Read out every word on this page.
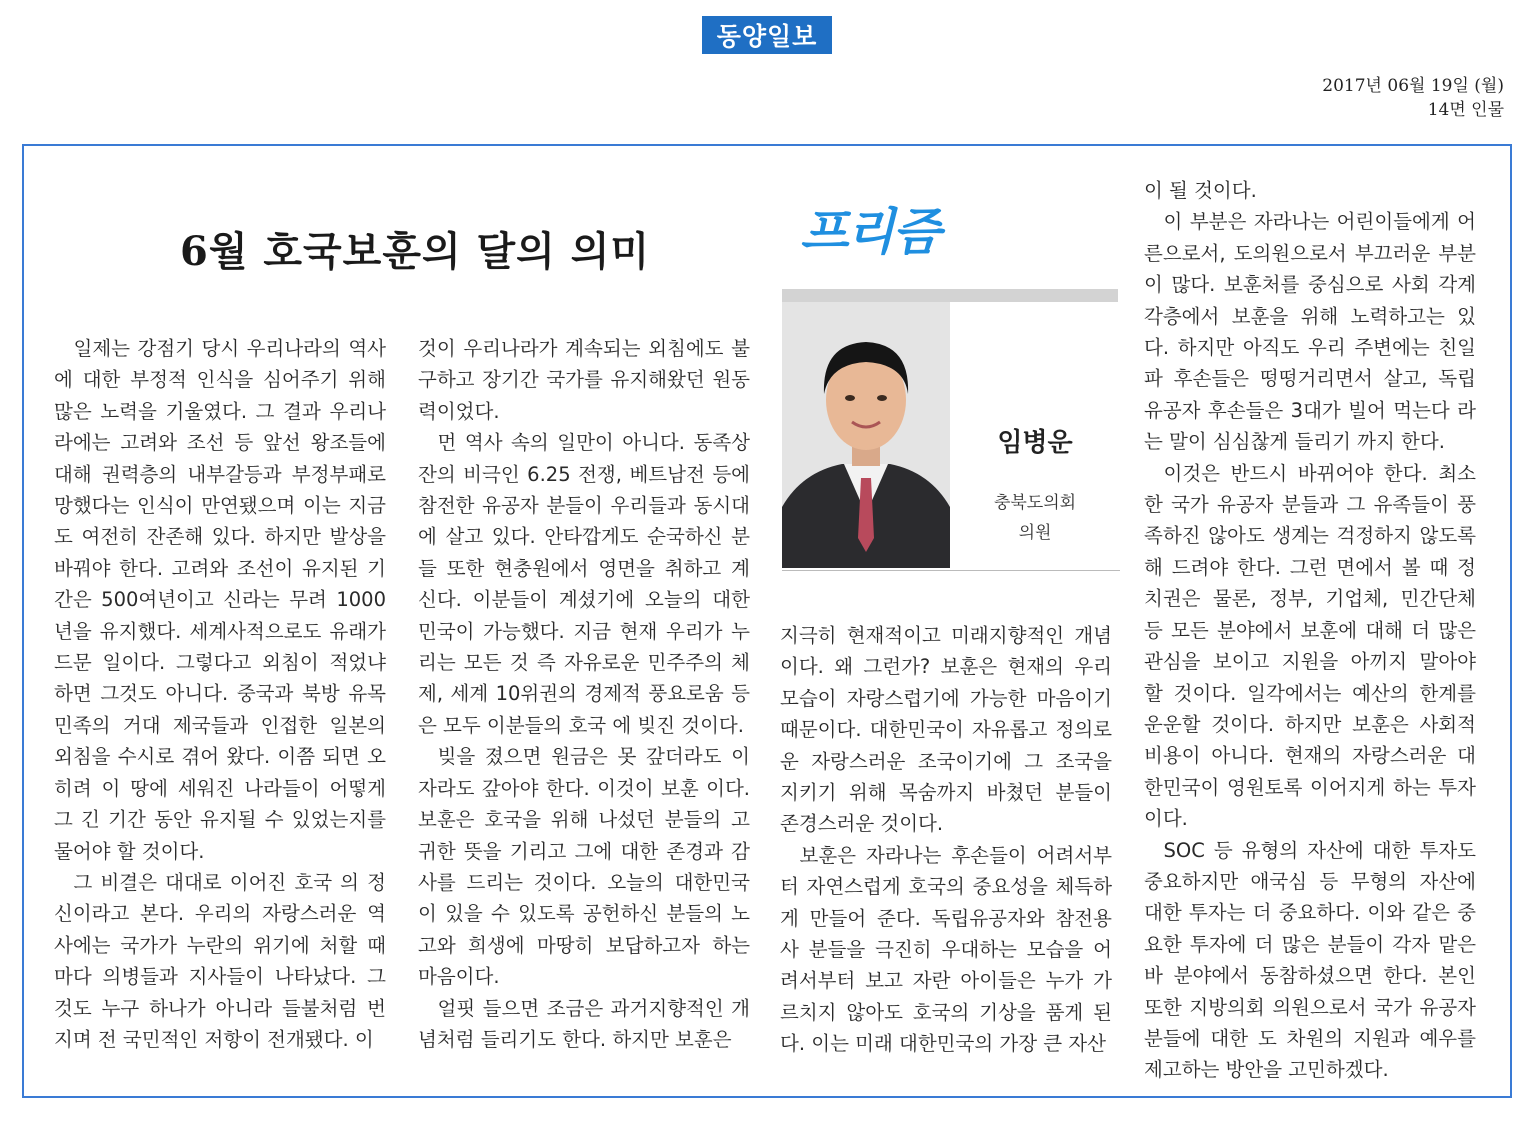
동양일보
2017년 06월 19일 (월)
14면 인물
6월 호국보훈의 달의 의미

일제는 강점기 당시 우리나라의 역사에 대한 부정적 인식을 심어주기 위해 많은 노력을 기울였다. 그 결과 우리나라에는 고려와 조선 등 앞선 왕조들에 대해 권력층의 내부갈등과 부정부패로 망했다는 인식이 만연됐으며 이는 지금도 여전히 잔존해 있다. 하지만 발상을 바꿔야 한다. 고려와 조선이 유지된 기간은 500여년이고 신라는 무려 1000년을 유지했다. 세계사적으로도 유래가 드문 일이다. 그렇다고 외침이 적었냐 하면 그것도 아니다. 중국과 북방 유목 민족의 거대 제국들과 인접한 일본의 외침을 수시로 겪어 왔다. 이쯤 되면 오히려 이 땅에 세워진 나라들이 어떻게 그 긴 기간 동안 유지될 수 있었는지를 물어야 할 것이다.

그 비결은 대대로 이어진 호국 의 정신이라고 본다. 우리의 자랑스러운 역사에는 국가가 누란의 위기에 처할 때마다 의병들과 지사들이 나타났다. 그것도 누구 하나가 아니라 들불처럼 번지며 전 국민적인 저항이 전개됐다. 이

것이 우리나라가 계속되는 외침에도 불구하고 장기간 국가를 유지해왔던 원동력이었다.

먼 역사 속의 일만이 아니다. 동족상잔의 비극인 6.25 전쟁, 베트남전 등에 참전한 유공자 분들이 우리들과 동시대에 살고 있다. 안타깝게도 순국하신 분들 또한 현충원에서 영면을 취하고 계신다. 이분들이 계셨기에 오늘의 대한민국이 가능했다. 지금 현재 우리가 누리는 모든 것 즉 자유로운 민주주의 체제, 세계 10위권의 경제적 풍요로움 등은 모두 이분들의 호국 에 빚진 것이다.

빚을 졌으면 원금은 못 갚더라도 이자라도 갚아야 한다. 이것이 보훈 이다. 보훈은 호국을 위해 나섰던 분들의 고귀한 뜻을 기리고 그에 대한 존경과 감사를 드리는 것이다. 오늘의 대한민국이 있을 수 있도록 공헌하신 분들의 노고와 희생에 마땅히 보답하고자 하는 마음이다.

얼핏 들으면 조금은 과거지향적인 개념처럼 들리기도 한다. 하지만 보훈은

프리즘
임병운
충북도의회
의원

지극히 현재적이고 미래지향적인 개념이다. 왜 그런가? 보훈은 현재의 우리 모습이 자랑스럽기에 가능한 마음이기 때문이다. 대한민국이 자유롭고 정의로운 자랑스러운 조국이기에 그 조국을 지키기 위해 목숨까지 바쳤던 분들이 존경스러운 것이다.

보훈은 자라나는 후손들이 어려서부터 자연스럽게 호국의 중요성을 체득하게 만들어 준다. 독립유공자와 참전용사 분들을 극진히 우대하는 모습을 어려서부터 보고 자란 아이들은 누가 가르치지 않아도 호국의 기상을 품게 된다. 이는 미래 대한민국의 가장 큰 자산

이 될 것이다.

이 부분은 자라나는 어린이들에게 어른으로서, 도의원으로서 부끄러운 부분이 많다. 보훈처를 중심으로 사회 각계 각층에서 보훈을 위해 노력하고는 있다. 하지만 아직도 우리 주변에는 친일파 후손들은 떵떵거리면서 살고, 독립유공자 후손들은 3대가 빌어 먹는다 라는 말이 심심찮게 들리기 까지 한다.

이것은 반드시 바뀌어야 한다. 최소한 국가 유공자 분들과 그 유족들이 풍족하진 않아도 생계는 걱정하지 않도록 해 드려야 한다. 그런 면에서 볼 때 정치권은 물론, 정부, 기업체, 민간단체 등 모든 분야에서 보훈에 대해 더 많은 관심을 보이고 지원을 아끼지 말아야 할 것이다. 일각에서는 예산의 한계를 운운할 것이다. 하지만 보훈은 사회적 비용이 아니다. 현재의 자랑스러운 대한민국이 영원토록 이어지게 하는 투자이다.

SOC 등 유형의 자산에 대한 투자도 중요하지만 애국심 등 무형의 자산에 대한 투자는 더 중요하다. 이와 같은 중요한 투자에 더 많은 분들이 각자 맡은 바 분야에서 동참하셨으면 한다. 본인 또한 지방의회 의원으로서 국가 유공자 분들에 대한 도 차원의 지원과 예우를 제고하는 방안을 고민하겠다.
